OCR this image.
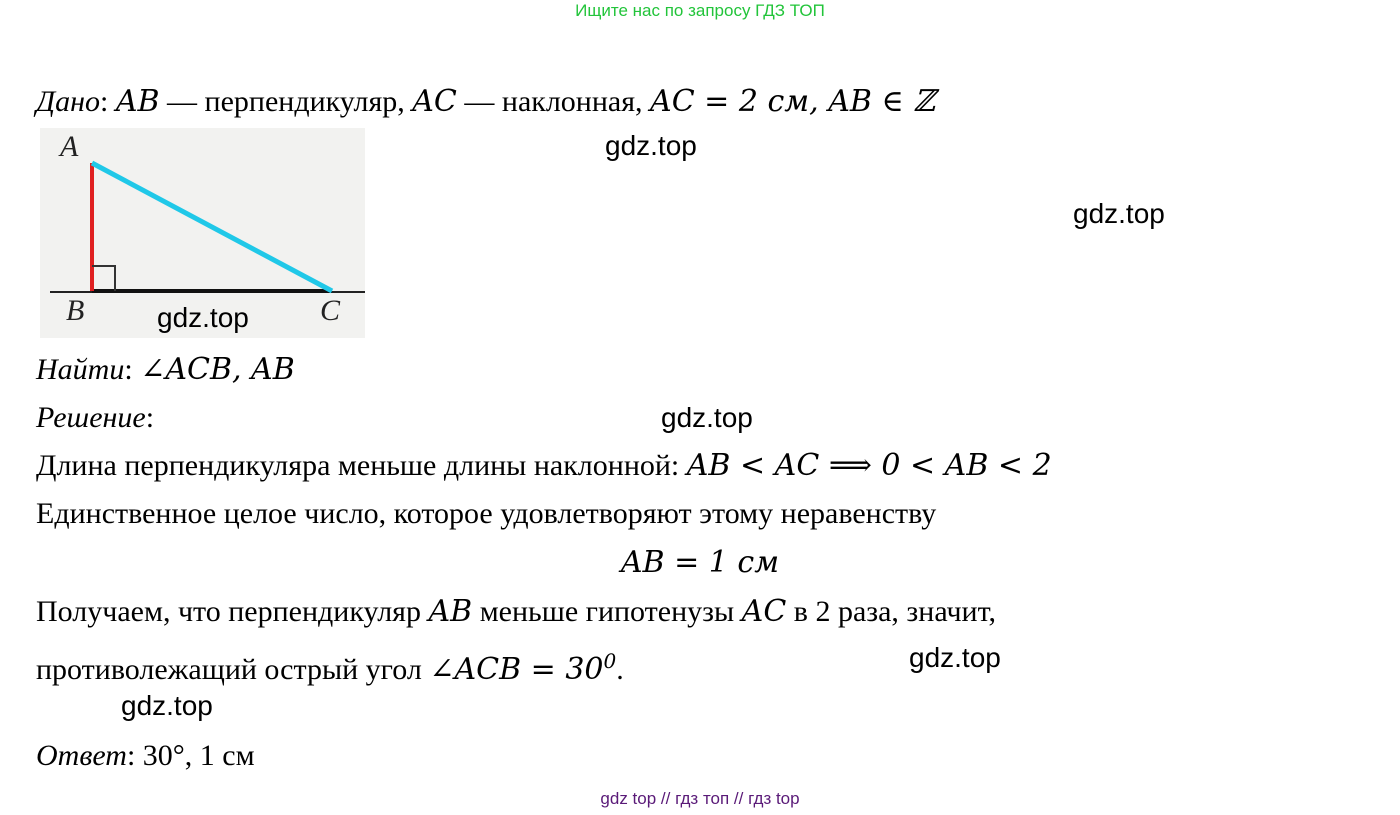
Ищите нас по запросу ГДЗ ТОП
Дано: AB — перпендикуляр, AC — наклонная, AC = 2 см, AB ∈ ℤ
A
B	C
Найти: ∠ACB, AB
Решение:
Длина перпендикуляра меньше длины наклонной: AB < AC ⟹ 0 < AB < 2
Единственное целое число, которое удовлетворяют этому неравенству
AB = 1 см
Получаем, что перпендикуляр AB меньше гипотенузы AC в 2 раза, значит,
противолежащий острый угол ∠ACB = $30^0$.
Ответ: 30°, 1 см
gdz.top
gdz.top
gdz.top
gdz.top
gdz.top
gdz.top
gdz top // гдз топ // гдз top
